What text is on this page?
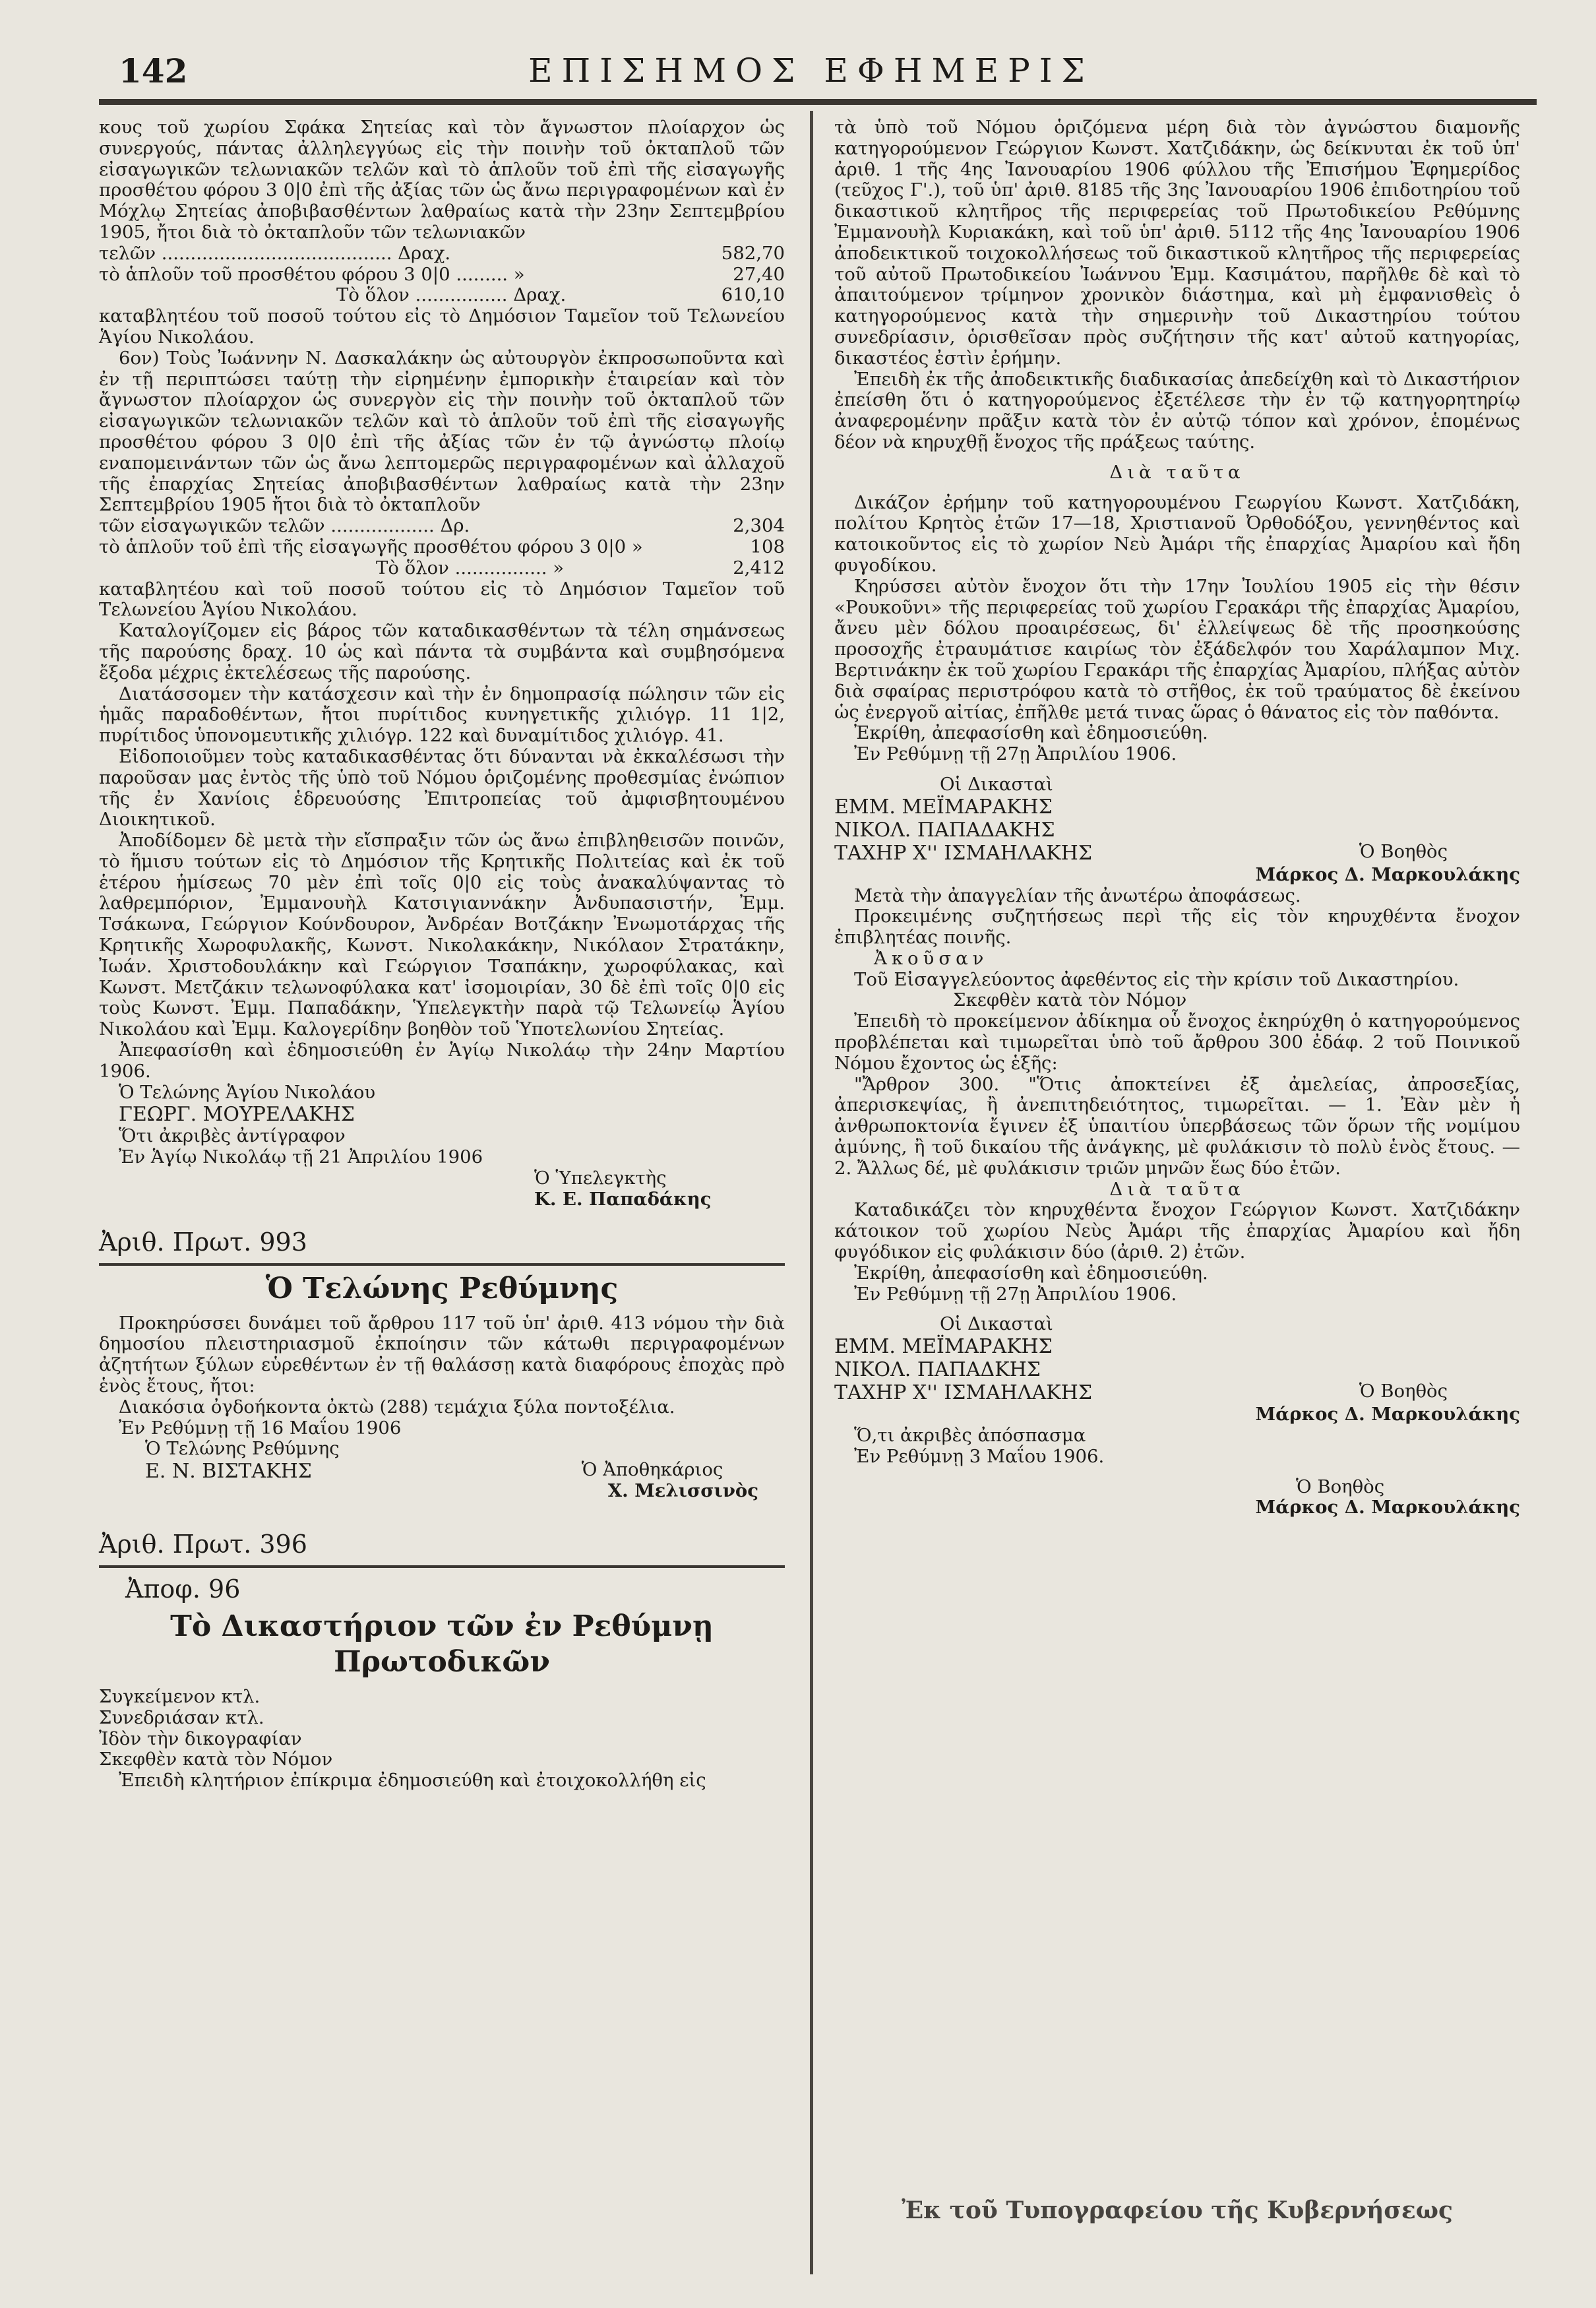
142	ΕΠΙΣΗΜΟΣ ΕΦΗΜΕΡΙΣ

κους τοῦ χωρίου Σφάκα Σητείας καὶ τὸν ἄγνωστον πλοίαρχον ὡς συνεργούς, πάντας ἀλληλεγγύως εἰς τὴν ποινὴν τοῦ ὀκταπλοῦ τῶν εἰσαγωγικῶν τελωνιακῶν τελῶν καὶ τὸ ἁπλοῦν τοῦ ἐπὶ τῆς εἰσαγωγῆς προσθέτου φόρου 3 0|0 ἐπὶ τῆς ἀξίας τῶν ὡς ἄνω περιγραφομένων καὶ ἐν Μόχλῳ Σητείας ἀποβιβασθέντων λαθραίως κατὰ τὴν 23ην Σεπτεμβρίου 1905, ἤτοι διὰ τὸ ὀκταπλοῦν τῶν τελωνιακῶν

τελῶν ........................................ Δραχ.	582,70
τὸ ἁπλοῦν τοῦ προσθέτου φόρου 3 0|0 ......... »	27,40
Τὸ ὅλον ................ Δραχ.	610,10

καταβλητέου τοῦ ποσοῦ τούτου εἰς τὸ Δημόσιον Ταμεῖον τοῦ Τελωνείου Ἁγίου Νικολάου.

6ον) Τοὺς Ἰωάννην Ν. Δασκαλάκην ὡς αὐτουργὸν ἐκπροσωποῦντα καὶ ἐν τῇ περιπτώσει ταύτῃ τὴν εἰρημένην ἐμπορικὴν ἑταιρείαν καὶ τὸν ἄγνωστον πλοίαρχον ὡς συνεργὸν εἰς τὴν ποινὴν τοῦ ὀκταπλοῦ τῶν εἰσαγωγικῶν τελωνιακῶν τελῶν καὶ τὸ ἁπλοῦν τοῦ ἐπὶ τῆς εἰσαγωγῆς προσθέτου φόρου 3 0|0 ἐπὶ τῆς ἀξίας τῶν ἐν τῷ ἀγνώστῳ πλοίῳ εναπομεινάντων τῶν ὡς ἄνω λεπτομερῶς περιγραφομένων καὶ ἀλλαχοῦ τῆς ἐπαρχίας Σητείας ἀποβιβασθέντων λαθραίως κατὰ τὴν 23ην Σεπτεμβρίου 1905 ἤτοι διὰ τὸ ὀκταπλοῦν

τῶν εἰσαγωγικῶν τελῶν .................. Δρ.	2,304
τὸ ἁπλοῦν τοῦ ἐπὶ τῆς εἰσαγωγῆς προσθέτου φόρου 3 0|0 »	108
Τὸ ὅλον ................ »	2,412

καταβλητέου καὶ τοῦ ποσοῦ τούτου εἰς τὸ Δημόσιον Ταμεῖον τοῦ Τελωνείου Ἁγίου Νικολάου.

Καταλογίζομεν εἰς βάρος τῶν καταδικασθέντων τὰ τέλη σημάνσεως τῆς παρούσης δραχ. 10 ὡς καὶ πάντα τὰ συμβάντα καὶ συμβησόμενα ἔξοδα μέχρις ἐκτελέσεως τῆς παρούσης.

Διατάσσομεν τὴν κατάσχεσιν καὶ τὴν ἐν δημοπρασίᾳ πώλησιν τῶν εἰς ἡμᾶς παραδοθέντων, ἤτοι πυρίτιδος κυνηγετικῆς χιλιόγρ. 11 1|2, πυρίτιδος ὑπονομευτικῆς χιλιόγρ. 122 καὶ δυναμίτιδος χιλιόγρ. 41.

Εἰδοποιοῦμεν τοὺς καταδικασθέντας ὅτι δύνανται νὰ ἐκκαλέσωσι τὴν παροῦσαν μας ἐντὸς τῆς ὑπὸ τοῦ Νόμου ὁριζομένης προθεσμίας ἐνώπιον τῆς ἐν Χανίοις ἑδρευούσης Ἐπιτροπείας τοῦ ἀμφισβητουμένου Διοικητικοῦ.

Ἀποδίδομεν δὲ μετὰ τὴν εἴσπραξιν τῶν ὡς ἄνω ἐπιβληθεισῶν ποινῶν, τὸ ἥμισυ τούτων εἰς τὸ Δημόσιον τῆς Κρητικῆς Πολιτείας καὶ ἐκ τοῦ ἑτέρου ἡμίσεως 70 μὲν ἐπὶ τοῖς 0|0 εἰς τοὺς ἀνακαλύψαντας τὸ λαθρεμπόριον, Ἐμμανουὴλ Κατσιγιαννάκην Ἀνδυπασιστήν, Ἐμμ. Τσάκωνα, Γεώργιον Κούνδουρον, Ἀνδρέαν Βοτζάκην Ἐνωμοτάρχας τῆς Κρητικῆς Χωροφυλακῆς, Κωνστ. Νικολακάκην, Νικόλαον Στρατάκην, Ἰωάν. Χριστοδουλάκην καὶ Γεώργιον Τσαπάκην, χωροφύλακας, καὶ Κωνστ. Μετζάκιν τελωνοφύλακα κατ' ἰσομοιρίαν, 30 δὲ ἐπὶ τοῖς 0|0 εἰς τοὺς Κωνστ. Ἐμμ. Παπαδάκην, Ὑπελεγκτὴν παρὰ τῷ Τελωνείῳ Ἁγίου Νικολάου καὶ Ἐμμ. Καλογερίδην βοηθὸν τοῦ Ὑποτελωνίου Σητείας.

Ἀπεφασίσθη καὶ ἐδημοσιεύθη ἐν Ἁγίῳ Νικολάῳ τὴν 24ην Μαρτίου 1906.

Ὁ Τελώνης Ἁγίου Νικολάου
ΓΕΩΡΓ. ΜΟΥΡΕΛΑΚΗΣ
Ὅτι ἀκριβὲς ἀντίγραφον
Ἐν Ἁγίῳ Νικολάῳ τῇ 21 Ἀπριλίου 1906
Ὁ Ὑπελεγκτὴς
Κ. Ε. Παπαδάκης
Ἀριθ. Πρωτ. 993
Ὁ Τελώνης Ρεθύμνης

Προκηρύσσει δυνάμει τοῦ ἄρθρου 117 τοῦ ὑπ' ἀριθ. 413 νόμου τὴν διὰ δημοσίου πλειστηριασμοῦ ἐκποίησιν τῶν κάτωθι περιγραφομένων ἀζητήτων ξύλων εὑρεθέντων ἐν τῇ θαλάσσῃ κατὰ διαφόρους ἐποχὰς πρὸ ἑνὸς ἔτους, ἤτοι:

Διακόσια ὀγδοήκοντα ὀκτὼ (288) τεμάχια ξύλα ποντοξέλια.

Ἐν Ρεθύμνῃ τῇ 16 Μαΐου 1906

Ὁ Τελώνης Ρεθύμνης
Ε. Ν. ΒΙΣΤΑΚΗΣ	Ὁ Ἀποθηκάριος
Χ. Μελισσινὸς
Ἀριθ. Πρωτ. 396
Ἀποφ. 96
Τὸ Δικαστήριον τῶν ἐν Ρεθύμνῃ Πρωτοδικῶν
Συγκείμενον κτλ.
Συνεδριάσαν κτλ.
Ἰδὸν τὴν δικογραφίαν
Σκεφθὲν κατὰ τὸν Νόμον

Ἐπειδὴ κλητήριον ἐπίκριμα ἐδημοσιεύθη καὶ ἐτοιχοκολλήθη εἰς

τὰ ὑπὸ τοῦ Νόμου ὁριζόμενα μέρη διὰ τὸν ἀγνώστου διαμονῆς κατηγορούμενον Γεώργιον Κωνστ. Χατζιδάκην, ὡς δείκνυται ἐκ τοῦ ὑπ' ἀριθ. 1 τῆς 4ης Ἰανουαρίου 1906 φύλλου τῆς Ἐπισήμου Ἐφημερίδος (τεῦχος Γ'.), τοῦ ὑπ' ἀριθ. 8185 τῆς 3ης Ἰανουαρίου 1906 ἐπιδοτηρίου τοῦ δικαστικοῦ κλητῆρος τῆς περιφερείας τοῦ Πρωτοδικείου Ρεθύμνης Ἐμμανουὴλ Κυριακάκη, καὶ τοῦ ὑπ' ἀριθ. 5112 τῆς 4ης Ἰανουαρίου 1906 ἀποδεικτικοῦ τοιχοκολλήσεως τοῦ δικαστικοῦ κλητῆρος τῆς περιφερείας τοῦ αὐτοῦ Πρωτοδικείου Ἰωάννου Ἐμμ. Κασιμάτου, παρῆλθε δὲ καὶ τὸ ἀπαιτούμενον τρίμηνον χρονικὸν διάστημα, καὶ μὴ ἐμφανισθεὶς ὁ κατηγορούμενος κατὰ τὴν σημερινὴν τοῦ Δικαστηρίου τούτου συνεδρίασιν, ὁρισθεῖσαν πρὸς συζήτησιν τῆς κατ' αὐτοῦ κατηγορίας, δικαστέος ἐστὶν ἐρήμην.

Ἐπειδὴ ἐκ τῆς ἀποδεικτικῆς διαδικασίας ἀπεδείχθη καὶ τὸ Δικαστήριον ἐπείσθη ὅτι ὁ κατηγορούμενος ἐξετέλεσε τὴν ἐν τῷ κατηγορητηρίῳ ἀναφερομένην πρᾶξιν κατὰ τὸν ἐν αὐτῷ τόπον καὶ χρόνον, ἑπομένως δέον νὰ κηρυχθῇ ἔνοχος τῆς πράξεως ταύτης.

Διὰ ταῦτα

Δικάζον ἐρήμην τοῦ κατηγορουμένου Γεωργίου Κωνστ. Χατζιδάκη, πολίτου Κρητὸς ἐτῶν 17—18, Χριστιανοῦ Ὀρθοδόξου, γεννηθέντος καὶ κατοικοῦντος εἰς τὸ χωρίον Νεὺ Ἀμάρι τῆς ἐπαρχίας Ἀμαρίου καὶ ἤδη φυγοδίκου.

Κηρύσσει αὐτὸν ἔνοχον ὅτι τὴν 17ην Ἰουλίου 1905 εἰς τὴν θέσιν «Ρουκοῦνι» τῆς περιφερείας τοῦ χωρίου Γερακάρι τῆς ἐπαρχίας Ἀμαρίου, ἄνευ μὲν δόλου προαιρέσεως, δι' ἐλλείψεως δὲ τῆς προσηκούσης προσοχῆς ἐτραυμάτισε καιρίως τὸν ἐξάδελφόν του Χαράλαμπον Μιχ. Βερτινάκην ἐκ τοῦ χωρίου Γερακάρι τῆς ἐπαρχίας Ἀμαρίου, πλήξας αὐτὸν διὰ σφαίρας περιστρόφου κατὰ τὸ στῆθος, ἐκ τοῦ τραύματος δὲ ἐκείνου ὡς ἐνεργοῦ αἰτίας, ἐπῆλθε μετά τινας ὥρας ὁ θάνατος εἰς τὸν παθόντα.

Ἐκρίθη, ἀπεφασίσθη καὶ ἐδημοσιεύθη.

Ἐν Ρεθύμνῃ τῇ 27ῃ Ἀπριλίου 1906.

Οἱ Δικασταὶ
ΕΜΜ. ΜΕΪΜΑΡΑΚΗΣ
ΝΙΚΟΛ. ΠΑΠΑΔΑΚΗΣ
ΤΑΧΗΡ Χ'' ΙΣΜΑΗΛΑΚΗΣ	Ὁ Βοηθὸς
Μάρκος Δ. Μαρκουλάκης

Μετὰ τὴν ἀπαγγελίαν τῆς ἀνωτέρω ἀποφάσεως.

Προκειμένης συζητήσεως περὶ τῆς εἰς τὸν κηρυχθέντα ἔνοχον ἐπιβλητέας ποινῆς.

Ἀκοῦσαν

Τοῦ Εἰσαγγελεύοντος ἀφεθέντος εἰς τὴν κρίσιν τοῦ Δικαστηρίου.

Σκεφθὲν κατὰ τὸν Νόμον

Ἐπειδὴ τὸ προκείμενον ἀδίκημα οὗ ἔνοχος ἐκηρύχθη ὁ κατηγορούμενος προβλέπεται καὶ τιμωρεῖται ὑπὸ τοῦ ἄρθρου 300 ἐδάφ. 2 τοῦ Ποινικοῦ Νόμου ἔχοντος ὡς ἑξῆς:

"Ἄρθρον 300. "Ὅτις ἀποκτείνει ἐξ ἀμελείας, ἀπροσεξίας, ἀπερισκεψίας, ἢ ἀνεπιτηδειότητος, τιμωρεῖται. — 1. Ἐὰν μὲν ἡ ἀνθρωποκτονία ἔγινεν ἐξ ὑπαιτίου ὑπερβάσεως τῶν ὅρων τῆς νομίμου ἀμύνης, ἢ τοῦ δικαίου τῆς ἀνάγκης, μὲ φυλάκισιν τὸ πολὺ ἑνὸς ἔτους. —2. Ἄλλως δέ, μὲ φυλάκισιν τριῶν μηνῶν ἕως δύο ἐτῶν.

Διὰ ταῦτα

Καταδικάζει τὸν κηρυχθέντα ἔνοχον Γεώργιον Κωνστ. Χατζιδάκην κάτοικον τοῦ χωρίου Νεὺς Ἀμάρι τῆς ἐπαρχίας Ἀμαρίου καὶ ἤδη φυγόδικον εἰς φυλάκισιν δύο (ἀριθ. 2) ἐτῶν.

Ἐκρίθη, ἀπεφασίσθη καὶ ἐδημοσιεύθη.

Ἐν Ρεθύμνῃ τῇ 27ῃ Ἀπριλίου 1906.

Οἱ Δικασταὶ
ΕΜΜ. ΜΕΪΜΑΡΑΚΗΣ
ΝΙΚΟΛ. ΠΑΠΑΔΚΗΣ
ΤΑΧΗΡ Χ'' ΙΣΜΑΗΛΑΚΗΣ	Ὁ Βοηθὸς
Μάρκος Δ. Μαρκουλάκης

Ὅ,τι ἀκριβὲς ἀπόσπασμα

Ἐν Ρεθύμνῃ 3 Μαΐου 1906.

Ὁ Βοηθὸς
Μάρκος Δ. Μαρκουλάκης
Ἐκ τοῦ Τυπογραφείου τῆς Κυβερνήσεως
